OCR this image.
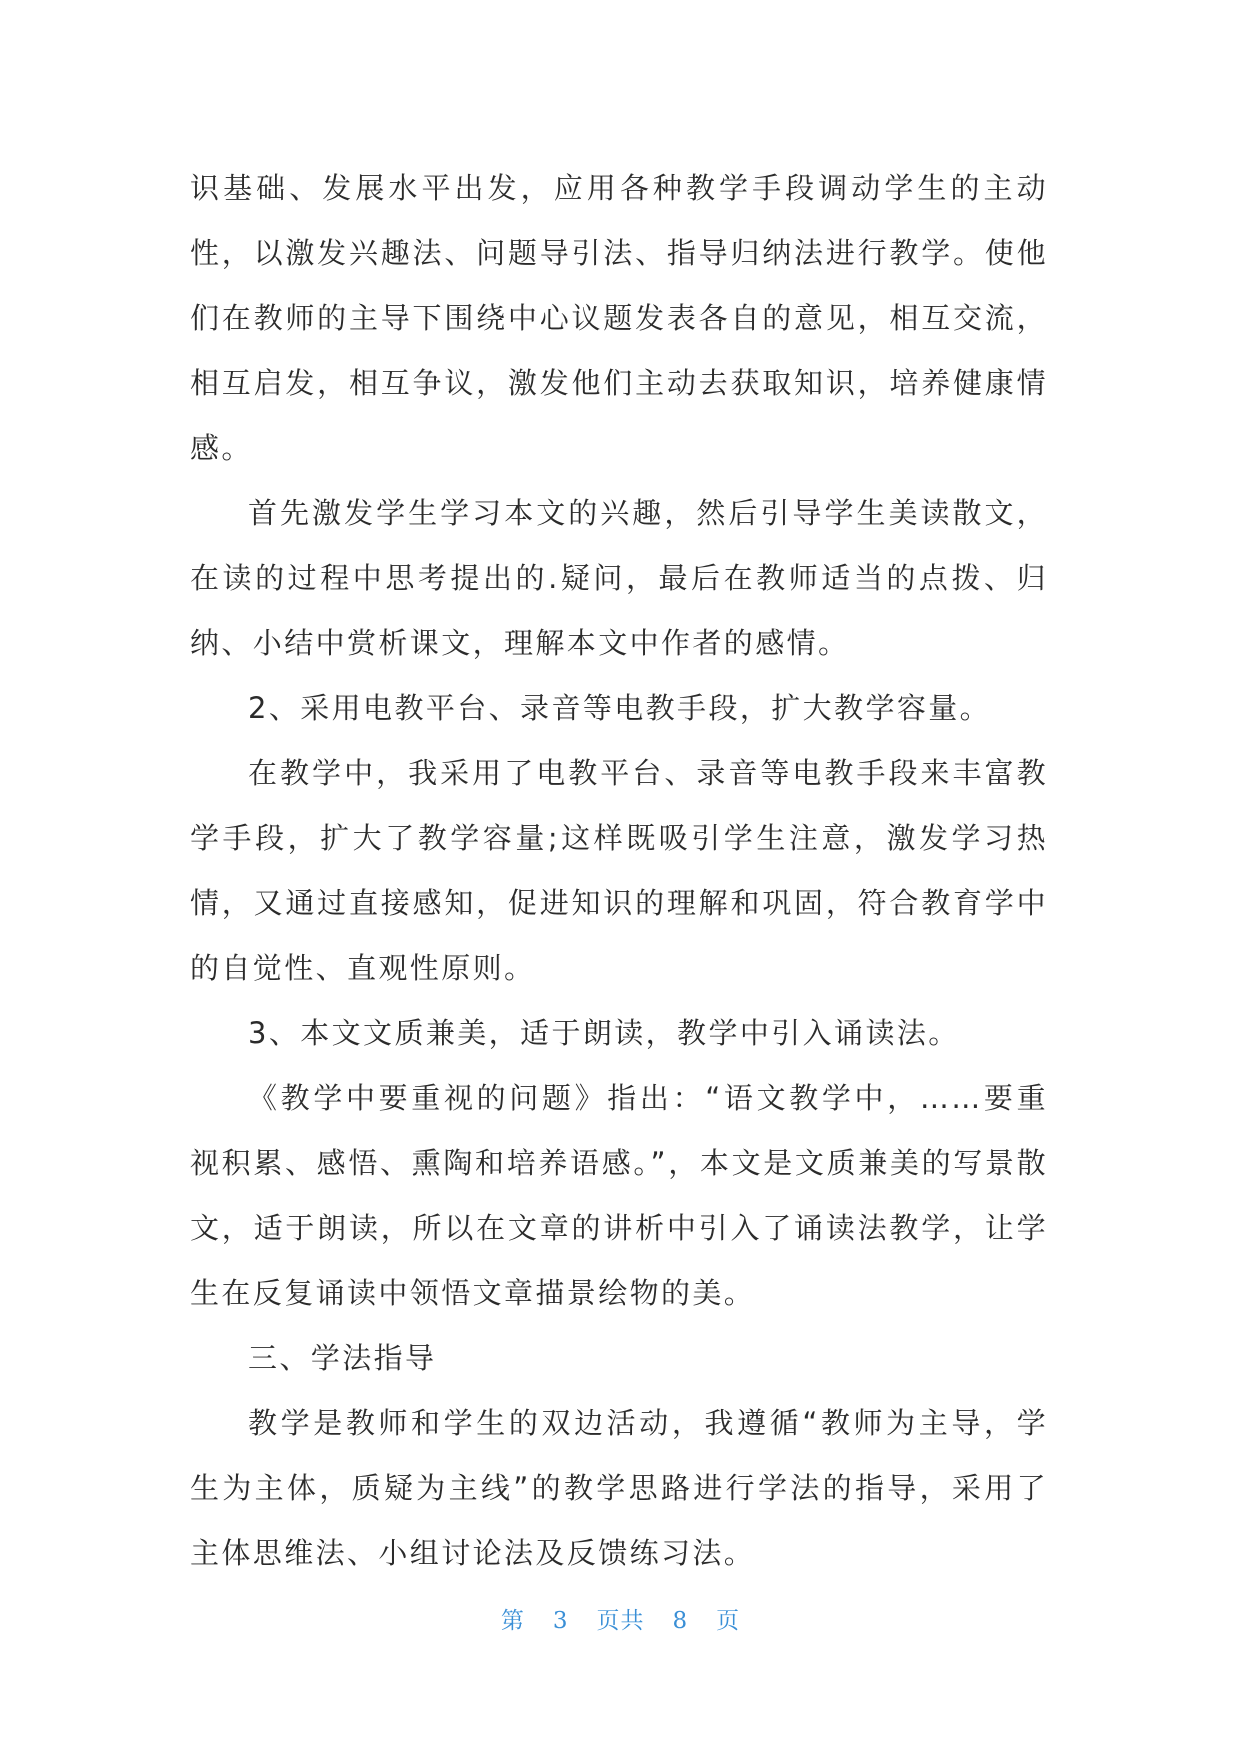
识基础、发展水平出发，应用各种教学手段调动学生的主动性，以激发兴趣法、问题导引法、指导归纳法进行教学。使他们在教师的主导下围绕中心议题发表各自的意见，相互交流，相互启发，相互争议，激发他们主动去获取知识，培养健康情感。

首先激发学生学习本文的兴趣，然后引导学生美读散文，在读的过程中思考提出的.疑问，最后在教师适当的点拨、归纳、小结中赏析课文，理解本文中作者的感情。

2、采用电教平台、录音等电教手段，扩大教学容量。

在教学中，我采用了电教平台、录音等电教手段来丰富教学手段，扩大了教学容量;这样既吸引学生注意，激发学习热情，又通过直接感知，促进知识的理解和巩固，符合教育学中的自觉性、直观性原则。

3、本文文质兼美，适于朗读，教学中引入诵读法。

《教学中要重视的问题》指出：“语文教学中，……要重视积累、感悟、熏陶和培养语感。”，本文是文质兼美的写景散文，适于朗读，所以在文章的讲析中引入了诵读法教学，让学生在反复诵读中领悟文章描景绘物的美。

三、学法指导

教学是教师和学生的双边活动，我遵循“教师为主导，学生为主体，质疑为主线”的教学思路进行学法的指导，采用了主体思维法、小组讨论法及反馈练习法。

第 3 页共 8 页
